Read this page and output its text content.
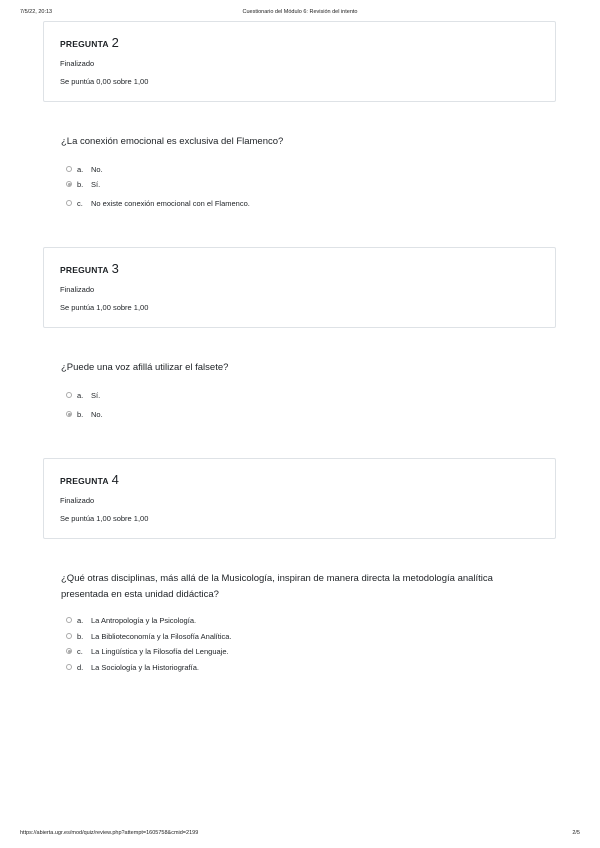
7/5/22, 20:13	Cuestionario del Módulo 6: Revisión del intento
PREGUNTA 2
Finalizado
Se puntúa 0,00 sobre 1,00
¿La conexión emocional es exclusiva del Flamenco?
a.	No.
b.	Sí.
c.	No existe conexión emocional con el Flamenco.
PREGUNTA 3
Finalizado
Se puntúa 1,00 sobre 1,00
¿Puede una voz afillá utilizar el falsete?
a.	Sí.
b.	No.
PREGUNTA 4
Finalizado
Se puntúa 1,00 sobre 1,00
¿Qué otras disciplinas, más allá de la Musicología, inspiran de manera directa la metodología analítica
presentada en esta unidad didáctica?
a.	La Antropología y la Psicología.
b.	La Biblioteconomía y la Filosofía Analítica.
c.	La Lingüística y la Filosofía del Lenguaje.
d.	La Sociología y la Historiografía.
https://abierta.ugr.es/mod/quiz/review.php?attempt=1605758&cmid=2199	2/5
